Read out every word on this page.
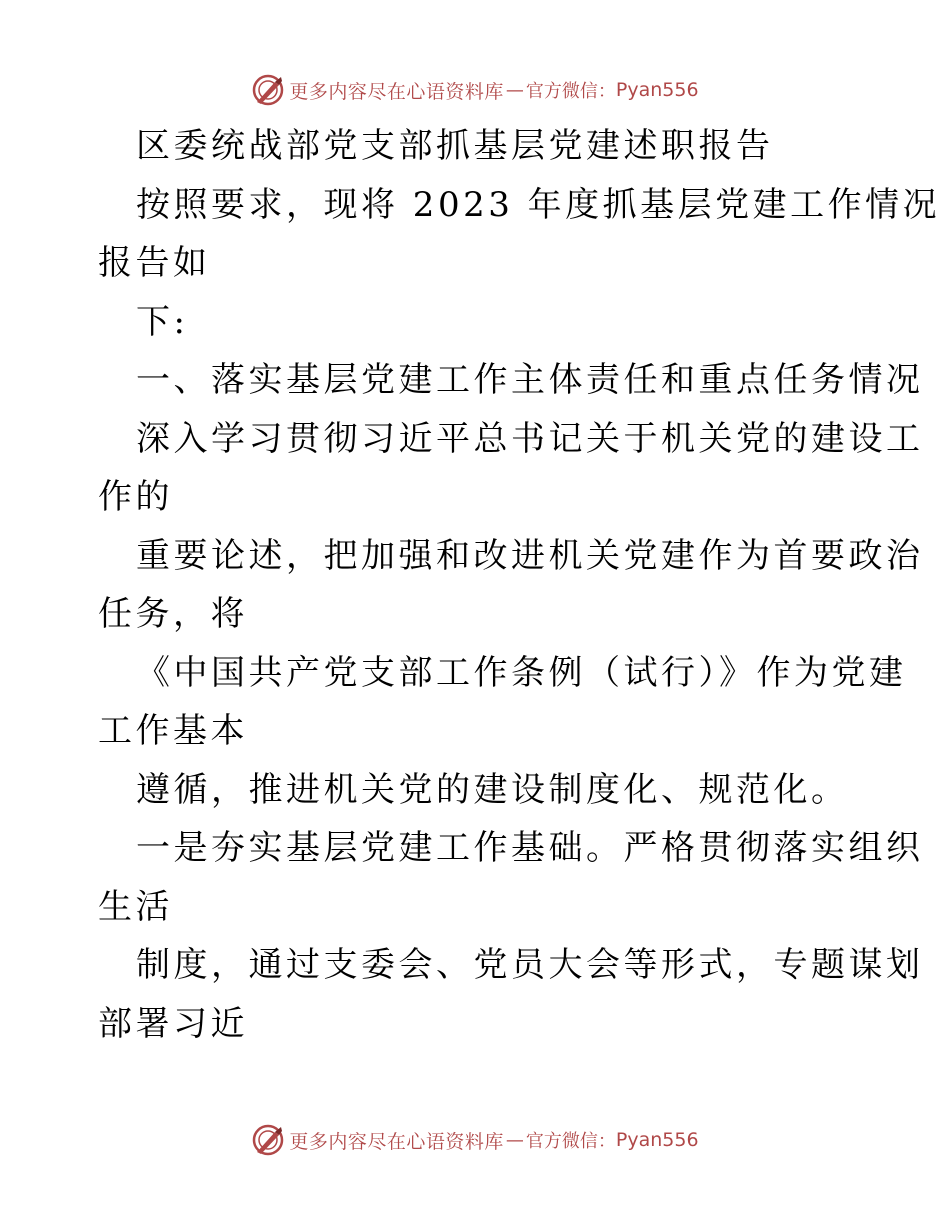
更多内容尽在心语资料库 — 官方微信： Pyan556
区委统战部党支部抓基层党建述职报告
按照要求，现将 2023 年度抓基层党建工作情况
报告如
下:
一、落实基层党建工作主体责任和重点任务情况
深入学习贯彻习近平总书记关于机关党的建设工
作的
重要论述，把加强和改进机关党建作为首要政治
任务，将
《中国共产党支部工作条例（试行）》作为党建
工作基本
遵循，推进机关党的建设制度化、规范化。
一是夯实基层党建工作基础。严格贯彻落实组织
生活
制度，通过支委会、党员大会等形式，专题谋划
部署习近
更多内容尽在心语资料库 — 官方微信： Pyan556
